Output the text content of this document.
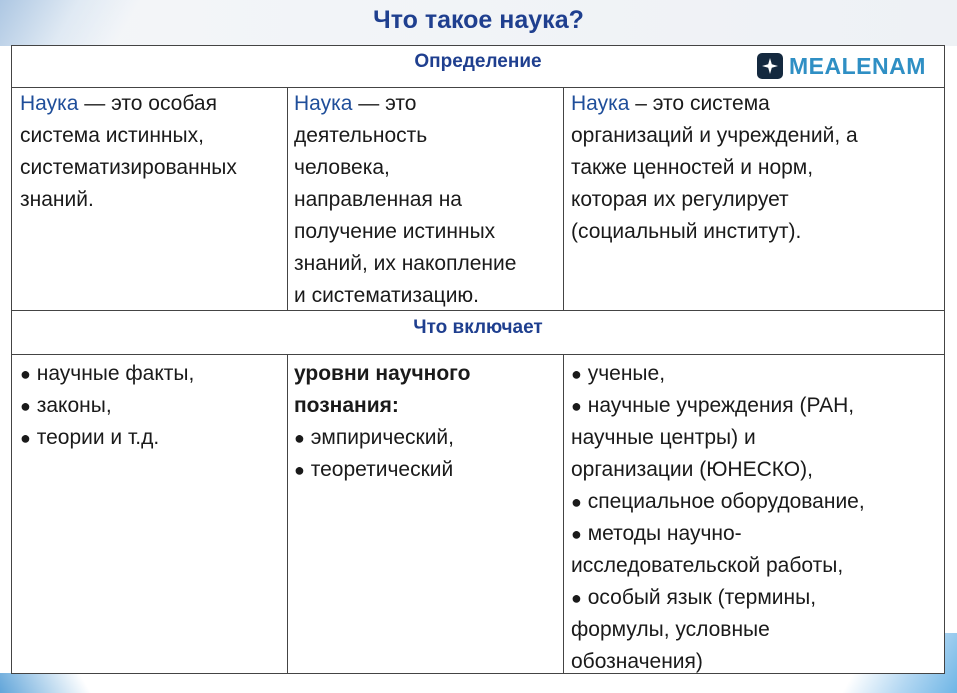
Что такое наука?
Определение	MEALENAM
Что включает

Наука — это особая

система истинных,

систематизированных

знаний.

Наука — это

деятельность

человека,

направленная на

получение истинных

знаний, их накопление

и систематизацию.

Наука – это система

организаций и учреждений, а

также ценностей и норм,

которая их регулирует

(социальный институт).

● научные факты,

● законы,

● теории и т.д.

уровни научного

познания:

● эмпирический,

● теоретический

● ученые,

● научные учреждения (РАН,

научные центры) и

организации (ЮНЕСКО),

● специальное оборудование,

● методы научно-

исследовательской работы,

● особый язык (термины,

формулы, условные

обозначения)
